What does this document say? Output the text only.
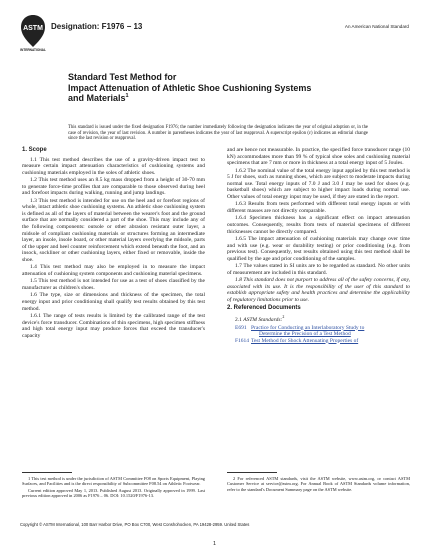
ASTM
INTERNATIONAL
Designation: F1976 − 13	An American National Standard
Standard Test Method for
Impact Attenuation of Athletic Shoe Cushioning Systems
and Materials$^1$
This standard is issued under the fixed designation F1976; the number immediately following the designation indicates the year of original adoption or, in the case of revision, the year of last revision. A number in parentheses indicates the year of last reapproval. A superscript epsilon (ε) indicates an editorial change since the last revision or reapproval.
1. Scope

1.1 This test method describes the use of a gravity-driven impact test to measure certain impact attenuation characteristics of cushioning systems and cushioning materials employed in the soles of athletic shoes.

1.2 This test method uses an 8.5 kg mass dropped from a height of 30-70 mm to generate force-time profiles that are comparable to those observed during heel and forefoot impacts during walking, running and jump landings.

1.3 This test method is intended for use on the heel and or forefoot regions of whole, intact athletic shoe cushioning systems. An athletic shoe cushioning system is defined as all of the layers of material between the wearer's foot and the ground surface that are normally considered a part of the shoe. This may include any of the following components: outsole or other abrasion resistant outer layer, a midsole of compliant cushioning materials or structures forming an intermediate layer, an insole, insole board, or other material layers overlying the midsole, parts of the upper and heel counter reinforcement which extend beneath the foot, and an insock, sockliner or other cushioning layers, either fixed or removable, inside the shoe.

1.4 This test method may also be employed in to measure the impact attenuation of cushioning system components and cushioning material specimens.

1.5 This test method is not intended for use as a test of shoes classified by the manufacturer as children's shoes.

1.6 The type, size or dimensions and thickness of the specimen, the total energy input and prior conditioning shall qualify test results obtained by this test method.

1.6.1 The range of tests results is limited by the calibrated range of the test device's force transducer. Combinations of thin specimens, high specimen stiffness and high total energy input may produce forces that exceed the transducer's capacity

and are hence not measurable. In practice, the specified force transducer range (10 kN) accommodates more than 99 % of typical shoe soles and cushioning material specimens that are 7 mm or more in thickness at a total energy input of 5 Joules.

1.6.2 The nominal value of the total energy input applied by this test method is 5 J for shoes, such as running shoes, which are subject to moderate impacts during normal use. Total energy inputs of 7.0 J and 3.0 J may be used for shoes (e.g. basketball shoes) which are subject to higher impact loads during normal use. Other values of total energy input may be used, if they are stated in the report.

1.6.3 Results from tests performed with different total energy inputs or with different masses are not directly comparable.

1.6.4 Specimen thickness has a significant effect on impact attenuation outcomes. Consequently, results from tests of material specimens of different thicknesses cannot be directly compared.

1.6.5 The impact attenuation of cushioning materials may change over time and with use (e.g. wear or durability testing) or prior conditioning (e.g. from previous test). Consequently, test results obtained using this test method shall be qualified by the age and prior conditioning of the samples.

1.7 The values stated in SI units are to be regarded as standard. No other units of measurement are included in this standard.

1.8 This standard does not purport to address all of the safety concerns, if any, associated with its use. It is the responsibility of the user of this standard to establish appropriate safety and health practices and determine the applicability of regulatory limitations prior to use.

2. Referenced Documents

2.1 ASTM Standards:$^2$

E691 Practice for Conducting an Interlaboratory Study to
Determine the Precision of a Test Method
F1614 Test Method for Shock Attenuating Properties of

1 This test method is under the jurisdiction of ASTM Committee F08 on Sports Equipment, Playing Surfaces, and Facilities and is the direct responsibility of Subcommittee F08.54 on Athletic Footwear.

Current edition approved May 1, 2013. Published August 2013. Originally approved in 1999. Last previous edition approved in 2006 as F1976 – 06. DOI: 10.1520/F1976-13.

2 For referenced ASTM standards, visit the ASTM website, www.astm.org, or contact ASTM Customer Service at service@astm.org. For Annual Book of ASTM Standards volume information, refer to the standard's Document Summary page on the ASTM website.

Copyright © ASTM International, 100 Barr Harbor Drive, PO Box C700, West Conshohocken, PA 19428-2959. United States
1
